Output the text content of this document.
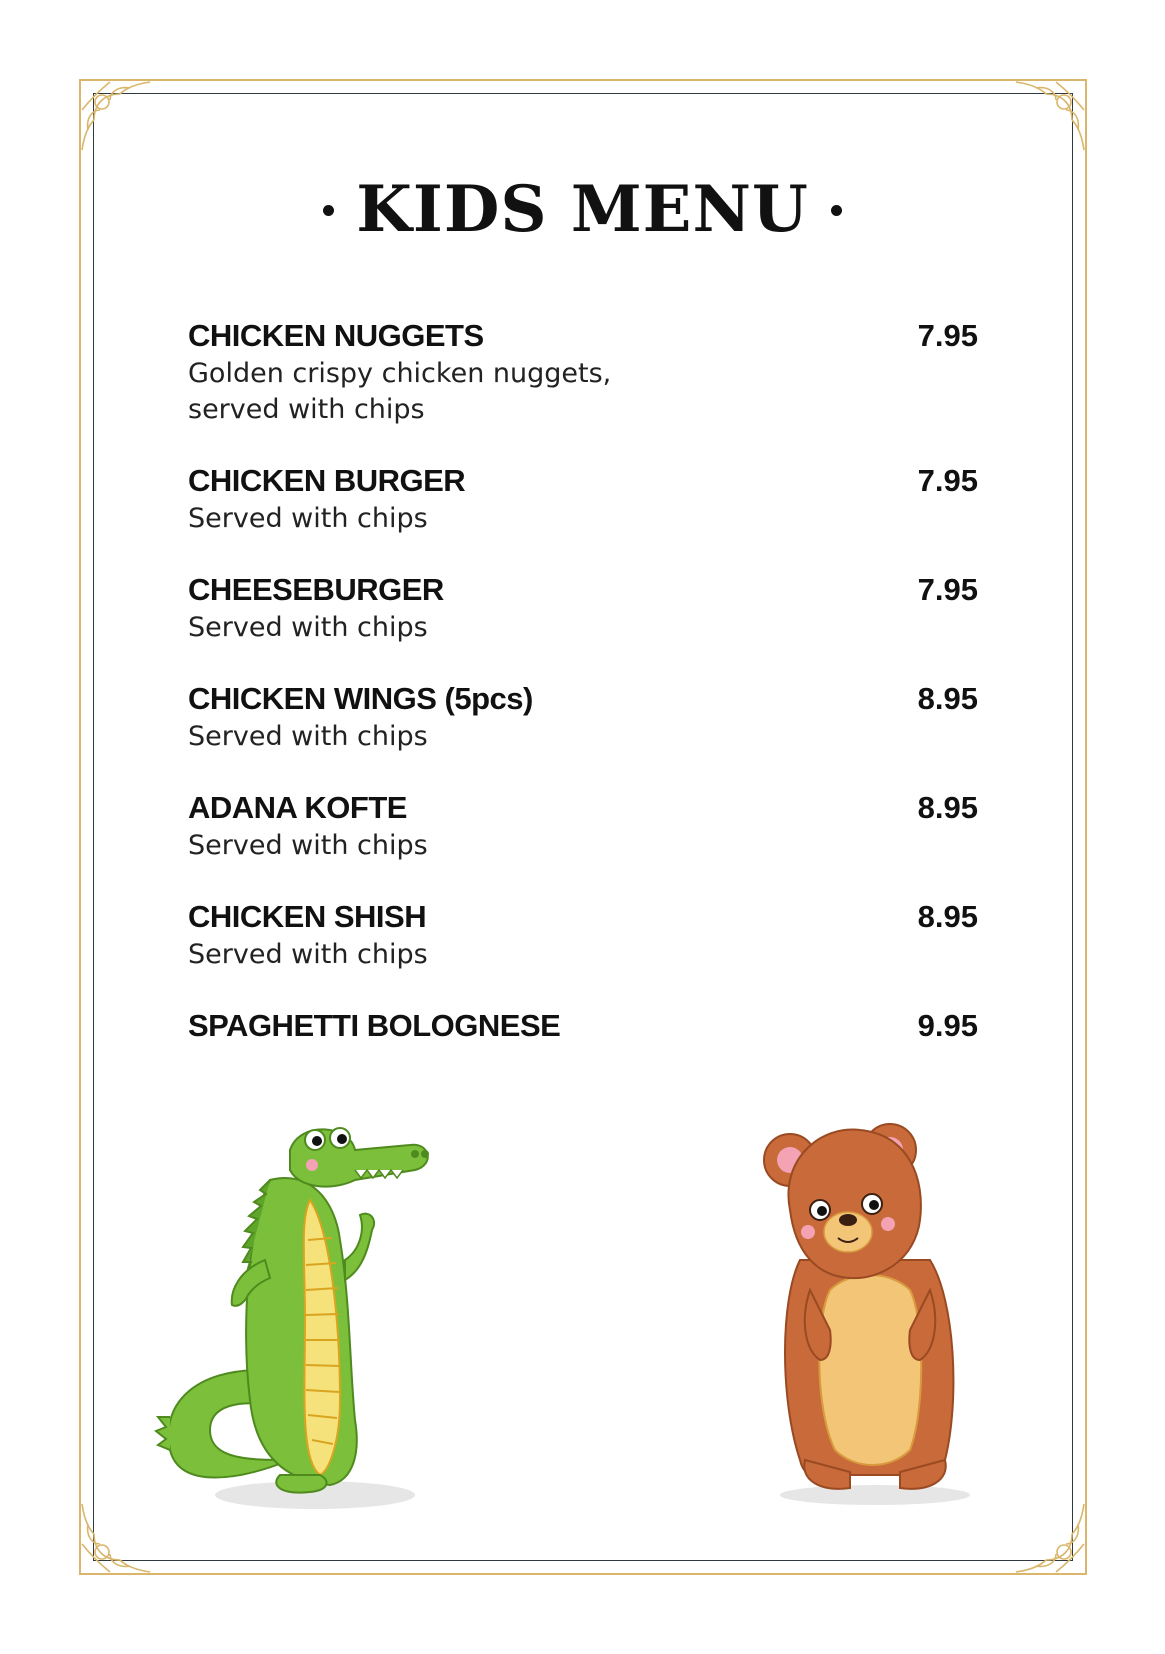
KIDS MENU
CHICKEN NUGGETS	7.95
Golden crispy chicken nuggets,
served with chips
CHICKEN BURGER	7.95
Served with chips
CHEESEBURGER	7.95
Served with chips
CHICKEN WINGS (5pcs)	8.95
Served with chips
ADANA KOFTE	8.95
Served with chips
CHICKEN SHISH	8.95
Served with chips
SPAGHETTI BOLOGNESE	9.95
